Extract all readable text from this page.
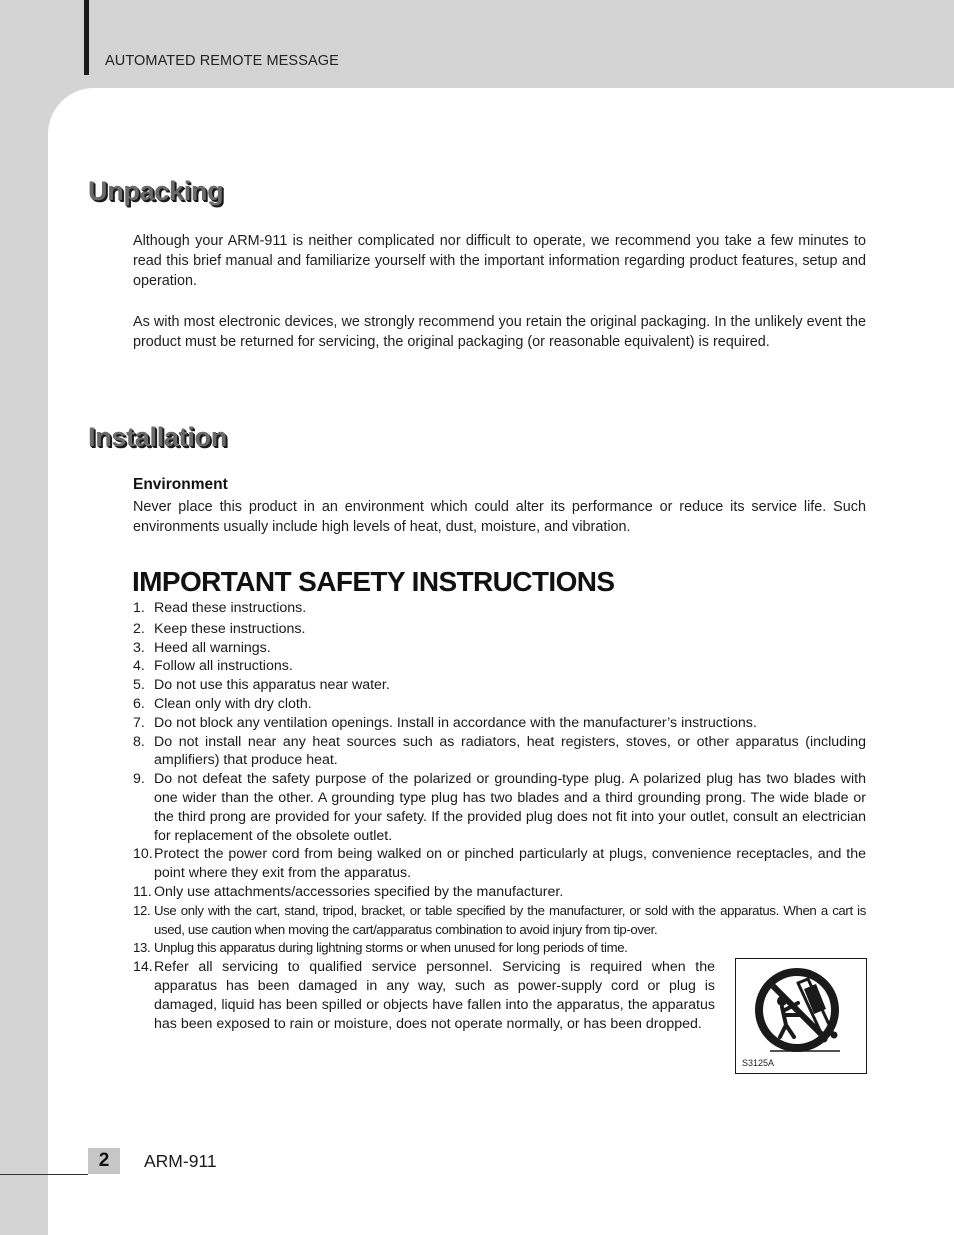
AUTOMATED REMOTE MESSAGE
Unpacking

Although your ARM-911 is neither complicated nor difficult to operate, we recommend you take a few minutes to read this brief manual and familiarize yourself with the important information regarding product features, setup and operation.

As with most electronic devices, we strongly recommend you retain the original packaging. In the unlikely event the product must be returned for servicing, the original packaging (or reasonable equivalent) is required.

Installation
Environment

Never place this product in an environment which could alter its performance or reduce its service life. Such environments usually include high levels of heat, dust, moisture, and vibration.

IMPORTANT SAFETY INSTRUCTIONS
1. Read these instructions.
2. Keep these instructions.
3. Heed all warnings.
4. Follow all instructions.
5. Do not use this apparatus near water.
6. Clean only with dry cloth.
7. Do not block any ventilation openings. Install in accordance with the manufacturer’s instructions.
8. Do not install near any heat sources such as radiators, heat registers, stoves, or other apparatus (including amplifiers) that produce heat.
9. Do not defeat the safety purpose of the polarized or grounding-type plug. A polarized plug has two blades with one wider than the other. A grounding type plug has two blades and a third grounding prong. The wide blade or the third prong are provided for your safety. If the provided plug does not fit into your outlet, consult an electrician for replacement of the obsolete outlet.
10. Protect the power cord from being walked on or pinched particularly at plugs, convenience receptacles, and the point where they exit from the apparatus.
11. Only use attachments/accessories specified by the manufacturer.
12. Use only with the cart, stand, tripod, bracket, or table specified by the manufacturer, or sold with the apparatus. When a cart is used, use caution when moving the cart/apparatus combination to avoid injury from tip-over.
13. Unplug this apparatus during lightning storms or when unused for long periods of time.
14. Refer all servicing to qualified service personnel. Servicing is required when the apparatus has been damaged in any way, such as power-supply cord or plug is damaged, liquid has been spilled or objects have fallen into the apparatus, the apparatus has been exposed to rain or moisture, does not operate normally, or has been dropped.
S3125A
2	ARM-911
